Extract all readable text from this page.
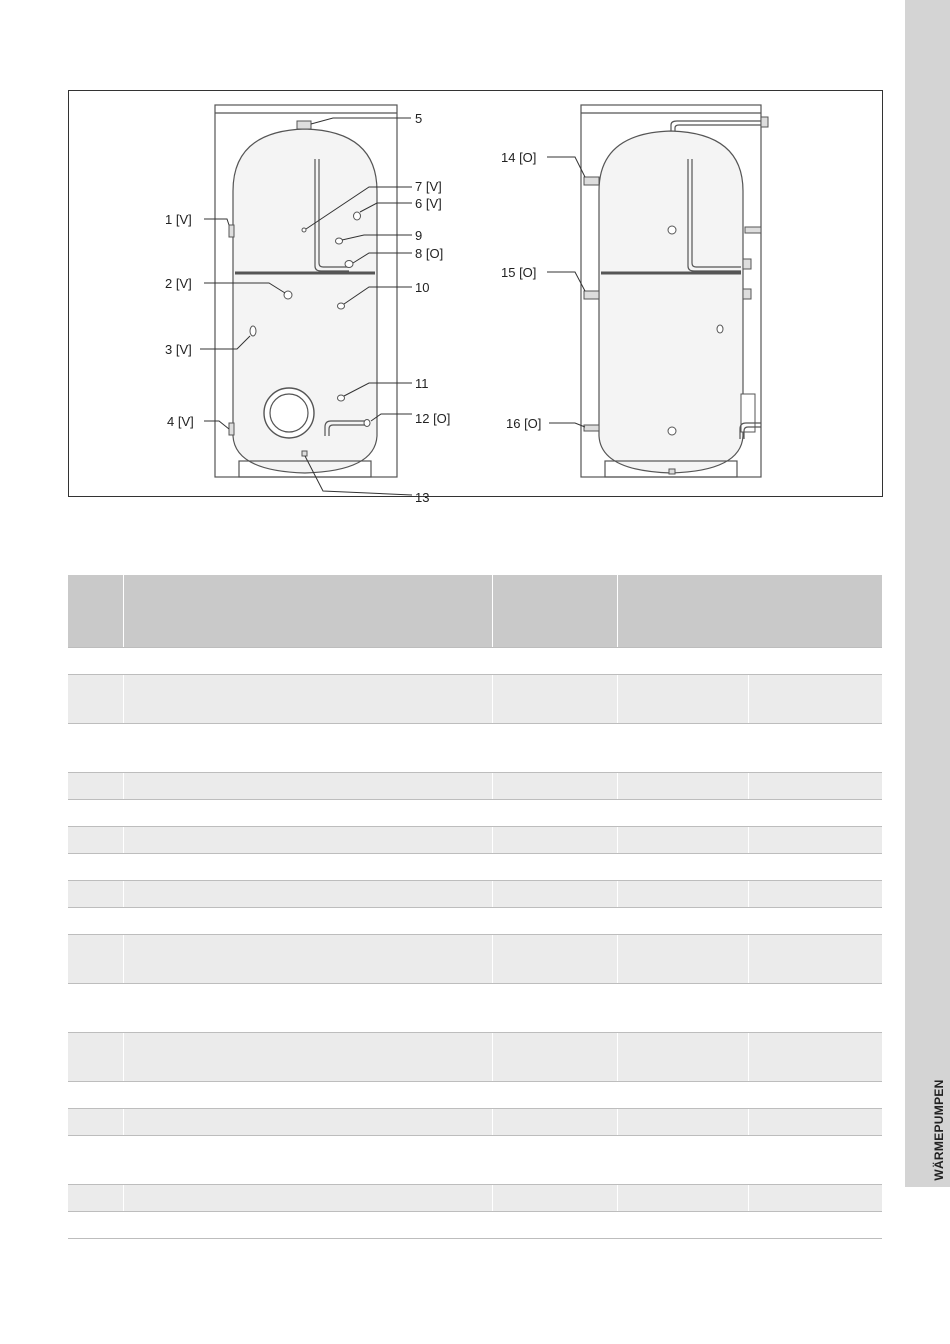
WÄRMEPUMPEN
5
7 [V]
6 [V]
1 [V]
9
8 [O]
2 [V]	10
3 [V]
11
4 [V]	12 [O]
13
14 [O]
15 [O]
16 [O]
